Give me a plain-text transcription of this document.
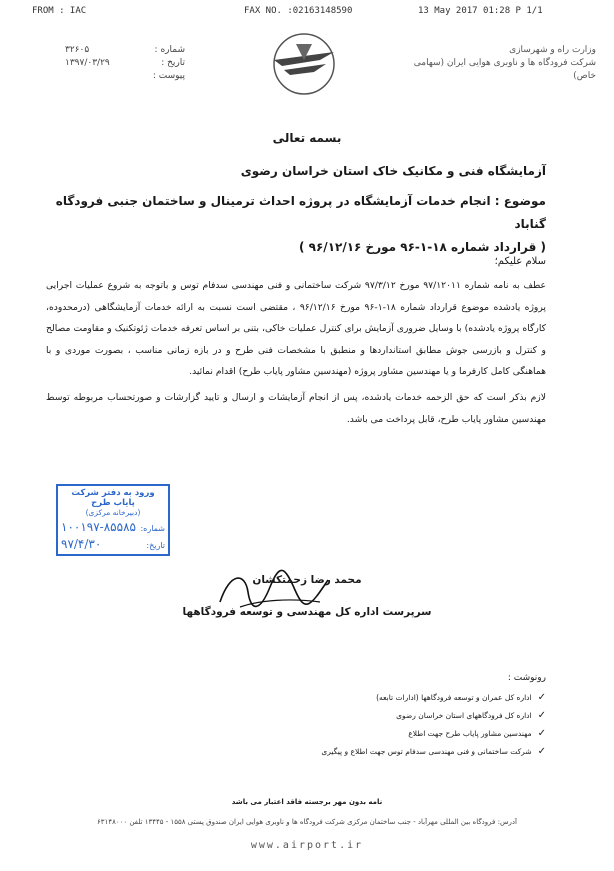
FROM : IAC	FAX NO. :02163148590	13 May 2017 01:28 P 1/1
وزارت راه و شهرسازی
شرکت فرودگاه ها و ناوبری هوایی ایران (سهامی خاص)
شماره :
۳۲۶۰۵
تاریخ :
۱۳۹۷/۰۳/۲۹
پیوست :
بسمه تعالی
آزمایشگاه فنی و مکانیک خاک استان خراسان رضوی
موضوع : انجام خدمات آزمایشگاه در پروژه احداث ترمینال و ساختمان جنبی فرودگاه گناباد
( قرارداد شماره ۱۸-۱-۹۶ مورخ ۹۶/۱۲/۱۶ )
سلام علیکم؛

عطف به نامه شماره ۹۷/۱۲۰۱۱ مورخ ۹۷/۳/۱۲ شرکت ساختمانی و فنی مهندسی سدفام توس و باتوجه به شروع عملیات اجرایی پروژه یادشده موضوع قرارداد شماره ۱۸-۱-۹۶ مورخ ۹۶/۱۲/۱۶ ، مقتضی است نسبت به ارائه خدمات آزمایشگاهی (درمحدوده، کارگاه پروژه یادشده) با وسایل ضروری آزمایش برای کنترل عملیات خاکی، بتنی بر اساس تعرفه خدمات ژئوتکنیک و مقاومت مصالح و کنترل و بازرسی جوش مطابق استانداردها و منطبق با مشخصات فنی طرح و در بازه زمانی مناسب ، بصورت موردی و با هماهنگی کامل کارفرما و یا مهندسین مشاور پروژه (مهندسین مشاور پایاب طرح) اقدام نمائید.

لازم بذکر است که حق الزحمه خدمات یادشده، پس از انجام آزمایشات و ارسال و تایید گزارشات و صورتحساب مربوطه توسط مهندسین مشاور پایاب طرح، قابل پرداخت می باشد.

ورود به دفتر شرکت پایاب طرح
(دبیرخانه مرکزی)
شماره:
۱۰۰۱۹۷-۸۵۵۸۵
تاریخ:
۹۷/۴/۳۰
محمد رضا زحمتکشان
سرپرست اداره کل مهندسی و توسعه فرودگاهها
رونوشت :
✓
اداره کل عمران و توسعه فرودگاهها (ادارات تابعه)
✓
اداره کل فرودگاههای استان خراسان رضوی
✓
مهندسین مشاور پایاب طرح جهت اطلاع
✓
شرکت ساختمانی و فنی مهندسی سدفام توس جهت اطلاع و پیگیری
نامه بدون مهر برجسته فاقد اعتبار می باشد
آدرس: فرودگاه بین المللی مهرآباد - جنب ساختمان مرکزی شرکت فرودگاه ها و ناوبری هوایی ایران صندوق پستی ۱۵۵۸ - ۱۳۴۴۵ تلفن ۶۳۱۴۸۰۰۰
www.airport.ir
